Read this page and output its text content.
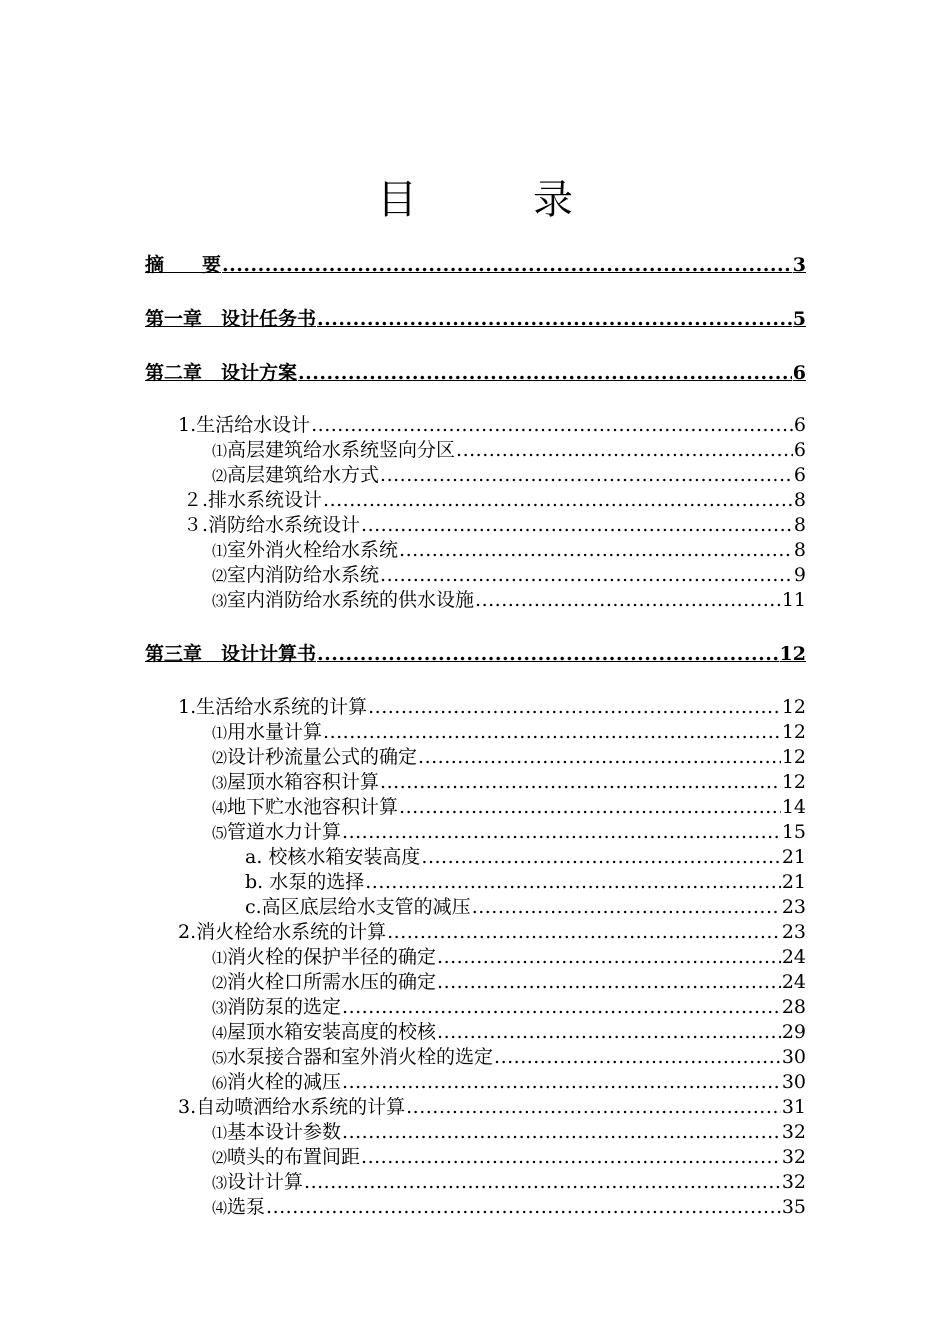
目　录
摘　　要 .....	3
第一章　设计任务书 .....	5
第二章　设计方案 .....	6
1.生活给水设计 .....	6
⑴ 高层建筑给水系统竖向分区 .....	6
⑵ 高层建筑给水方式 .....	6
２.排水系统设计 .....	8
３.消防给水系统设计 .....	8
⑴ 室外消火栓给水系统 .....	8
⑵ 室内消防给水系统 .....	9
⑶ 室内消防给水系统的供水设施 .....	11
第三章　设计计算书 .....	12
1.生活给水系统的计算 .....	12
⑴ 用水量计算 .....	12
⑵ 设计秒流量公式的确定 .....	12
⑶ 屋顶水箱容积计算 .....	12
⑷ 地下贮水池容积计算 .....	14
⑸ 管道水力计算 .....	15
a. 校核水箱安装高度 .....	21
b. 水泵的选择 .....	21
c.高区底层给水支管的减压 .....	23
2.消火栓给水系统的计算 .....	23
⑴ 消火栓的保护半径的确定 .....	24
⑵ 消火栓口所需水压的确定 .....	24
⑶ 消防泵的选定 .....	28
⑷ 屋顶水箱安装高度的校核 .....	29
⑸ 水泵接合器和室外消火栓的选定 .....	30
⑹ 消火栓的减压 .....	30
3.自动喷洒给水系统的计算 .....	31
⑴ 基本设计参数 .....	32
⑵ 喷头的布置间距 .....	32
⑶ 设计计算 .....	32
⑷ 选泵 .....	35
